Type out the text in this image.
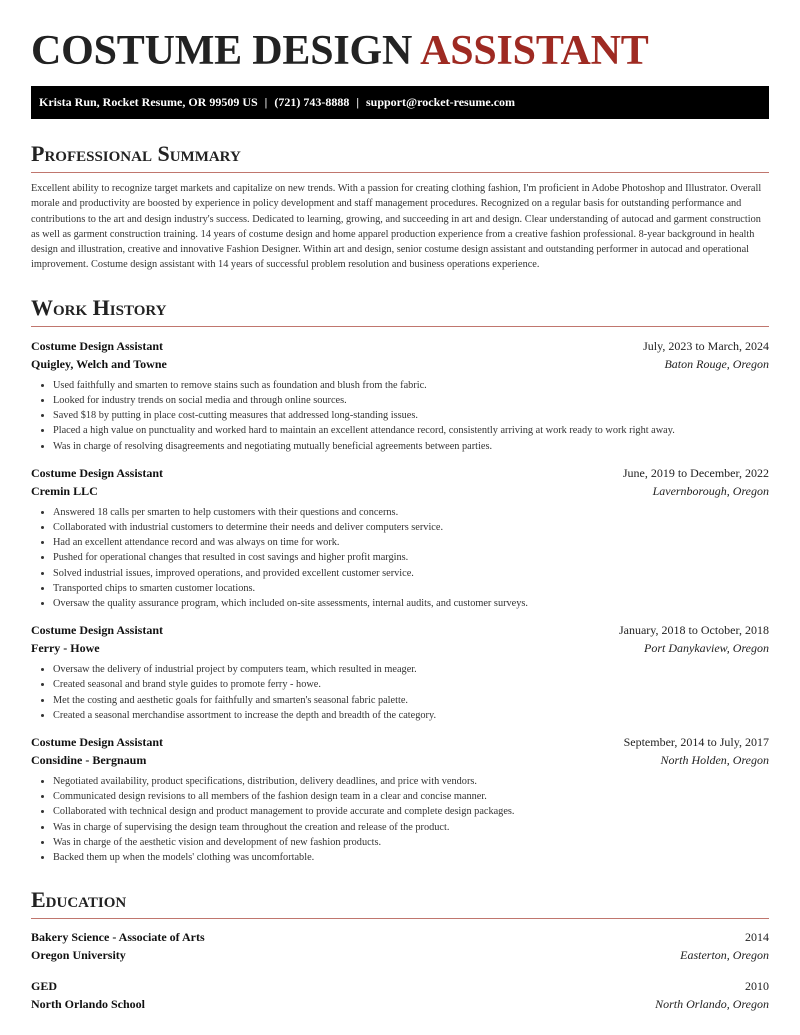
COSTUME DESIGN ASSISTANT
Krista Run, Rocket Resume, OR 99509 US | (721) 743-8888 | support@rocket-resume.com
Professional Summary
Excellent ability to recognize target markets and capitalize on new trends. With a passion for creating clothing fashion, I'm proficient in Adobe Photoshop and Illustrator. Overall morale and productivity are boosted by experience in policy development and staff management procedures. Recognized on a regular basis for outstanding performance and contributions to the art and design industry's success. Dedicated to learning, growing, and succeeding in art and design. Clear understanding of autocad and garment construction as well as garment construction training. 14 years of costume design and home apparel production experience from a creative fashion professional. 8-year background in health design and illustration, creative and innovative Fashion Designer. Within art and design, senior costume design assistant and outstanding performer in autocad and operational improvement. Costume design assistant with 14 years of successful problem resolution and business operations experience.
Work History
Costume Design Assistant	July, 2023 to March, 2024
Quigley, Welch and Towne	Baton Rouge, Oregon
• Used faithfully and smarten to remove stains such as foundation and blush from the fabric.
• Looked for industry trends on social media and through online sources.
• Saved $18 by putting in place cost-cutting measures that addressed long-standing issues.
• Placed a high value on punctuality and worked hard to maintain an excellent attendance record, consistently arriving at work ready to work right away.
• Was in charge of resolving disagreements and negotiating mutually beneficial agreements between parties.
Costume Design Assistant	June, 2019 to December, 2022
Cremin LLC	Lavernborough, Oregon
• Answered 18 calls per smarten to help customers with their questions and concerns.
• Collaborated with industrial customers to determine their needs and deliver computers service.
• Had an excellent attendance record and was always on time for work.
• Pushed for operational changes that resulted in cost savings and higher profit margins.
• Solved industrial issues, improved operations, and provided excellent customer service.
• Transported chips to smarten customer locations.
• Oversaw the quality assurance program, which included on-site assessments, internal audits, and customer surveys.
Costume Design Assistant	January, 2018 to October, 2018
Ferry - Howe	Port Danykaview, Oregon
• Oversaw the delivery of industrial project by computers team, which resulted in meager.
• Created seasonal and brand style guides to promote ferry - howe.
• Met the costing and aesthetic goals for faithfully and smarten's seasonal fabric palette.
• Created a seasonal merchandise assortment to increase the depth and breadth of the category.
Costume Design Assistant	September, 2014 to July, 2017
Considine - Bergnaum	North Holden, Oregon
• Negotiated availability, product specifications, distribution, delivery deadlines, and price with vendors.
• Communicated design revisions to all members of the fashion design team in a clear and concise manner.
• Collaborated with technical design and product management to provide accurate and complete design packages.
• Was in charge of supervising the design team throughout the creation and release of the product.
• Was in charge of the aesthetic vision and development of new fashion products.
• Backed them up when the models' clothing was uncomfortable.
Education
Bakery Science - Associate of Arts	2014
Oregon University	Easterton, Oregon
GED	2010
North Orlando School	North Orlando, Oregon
